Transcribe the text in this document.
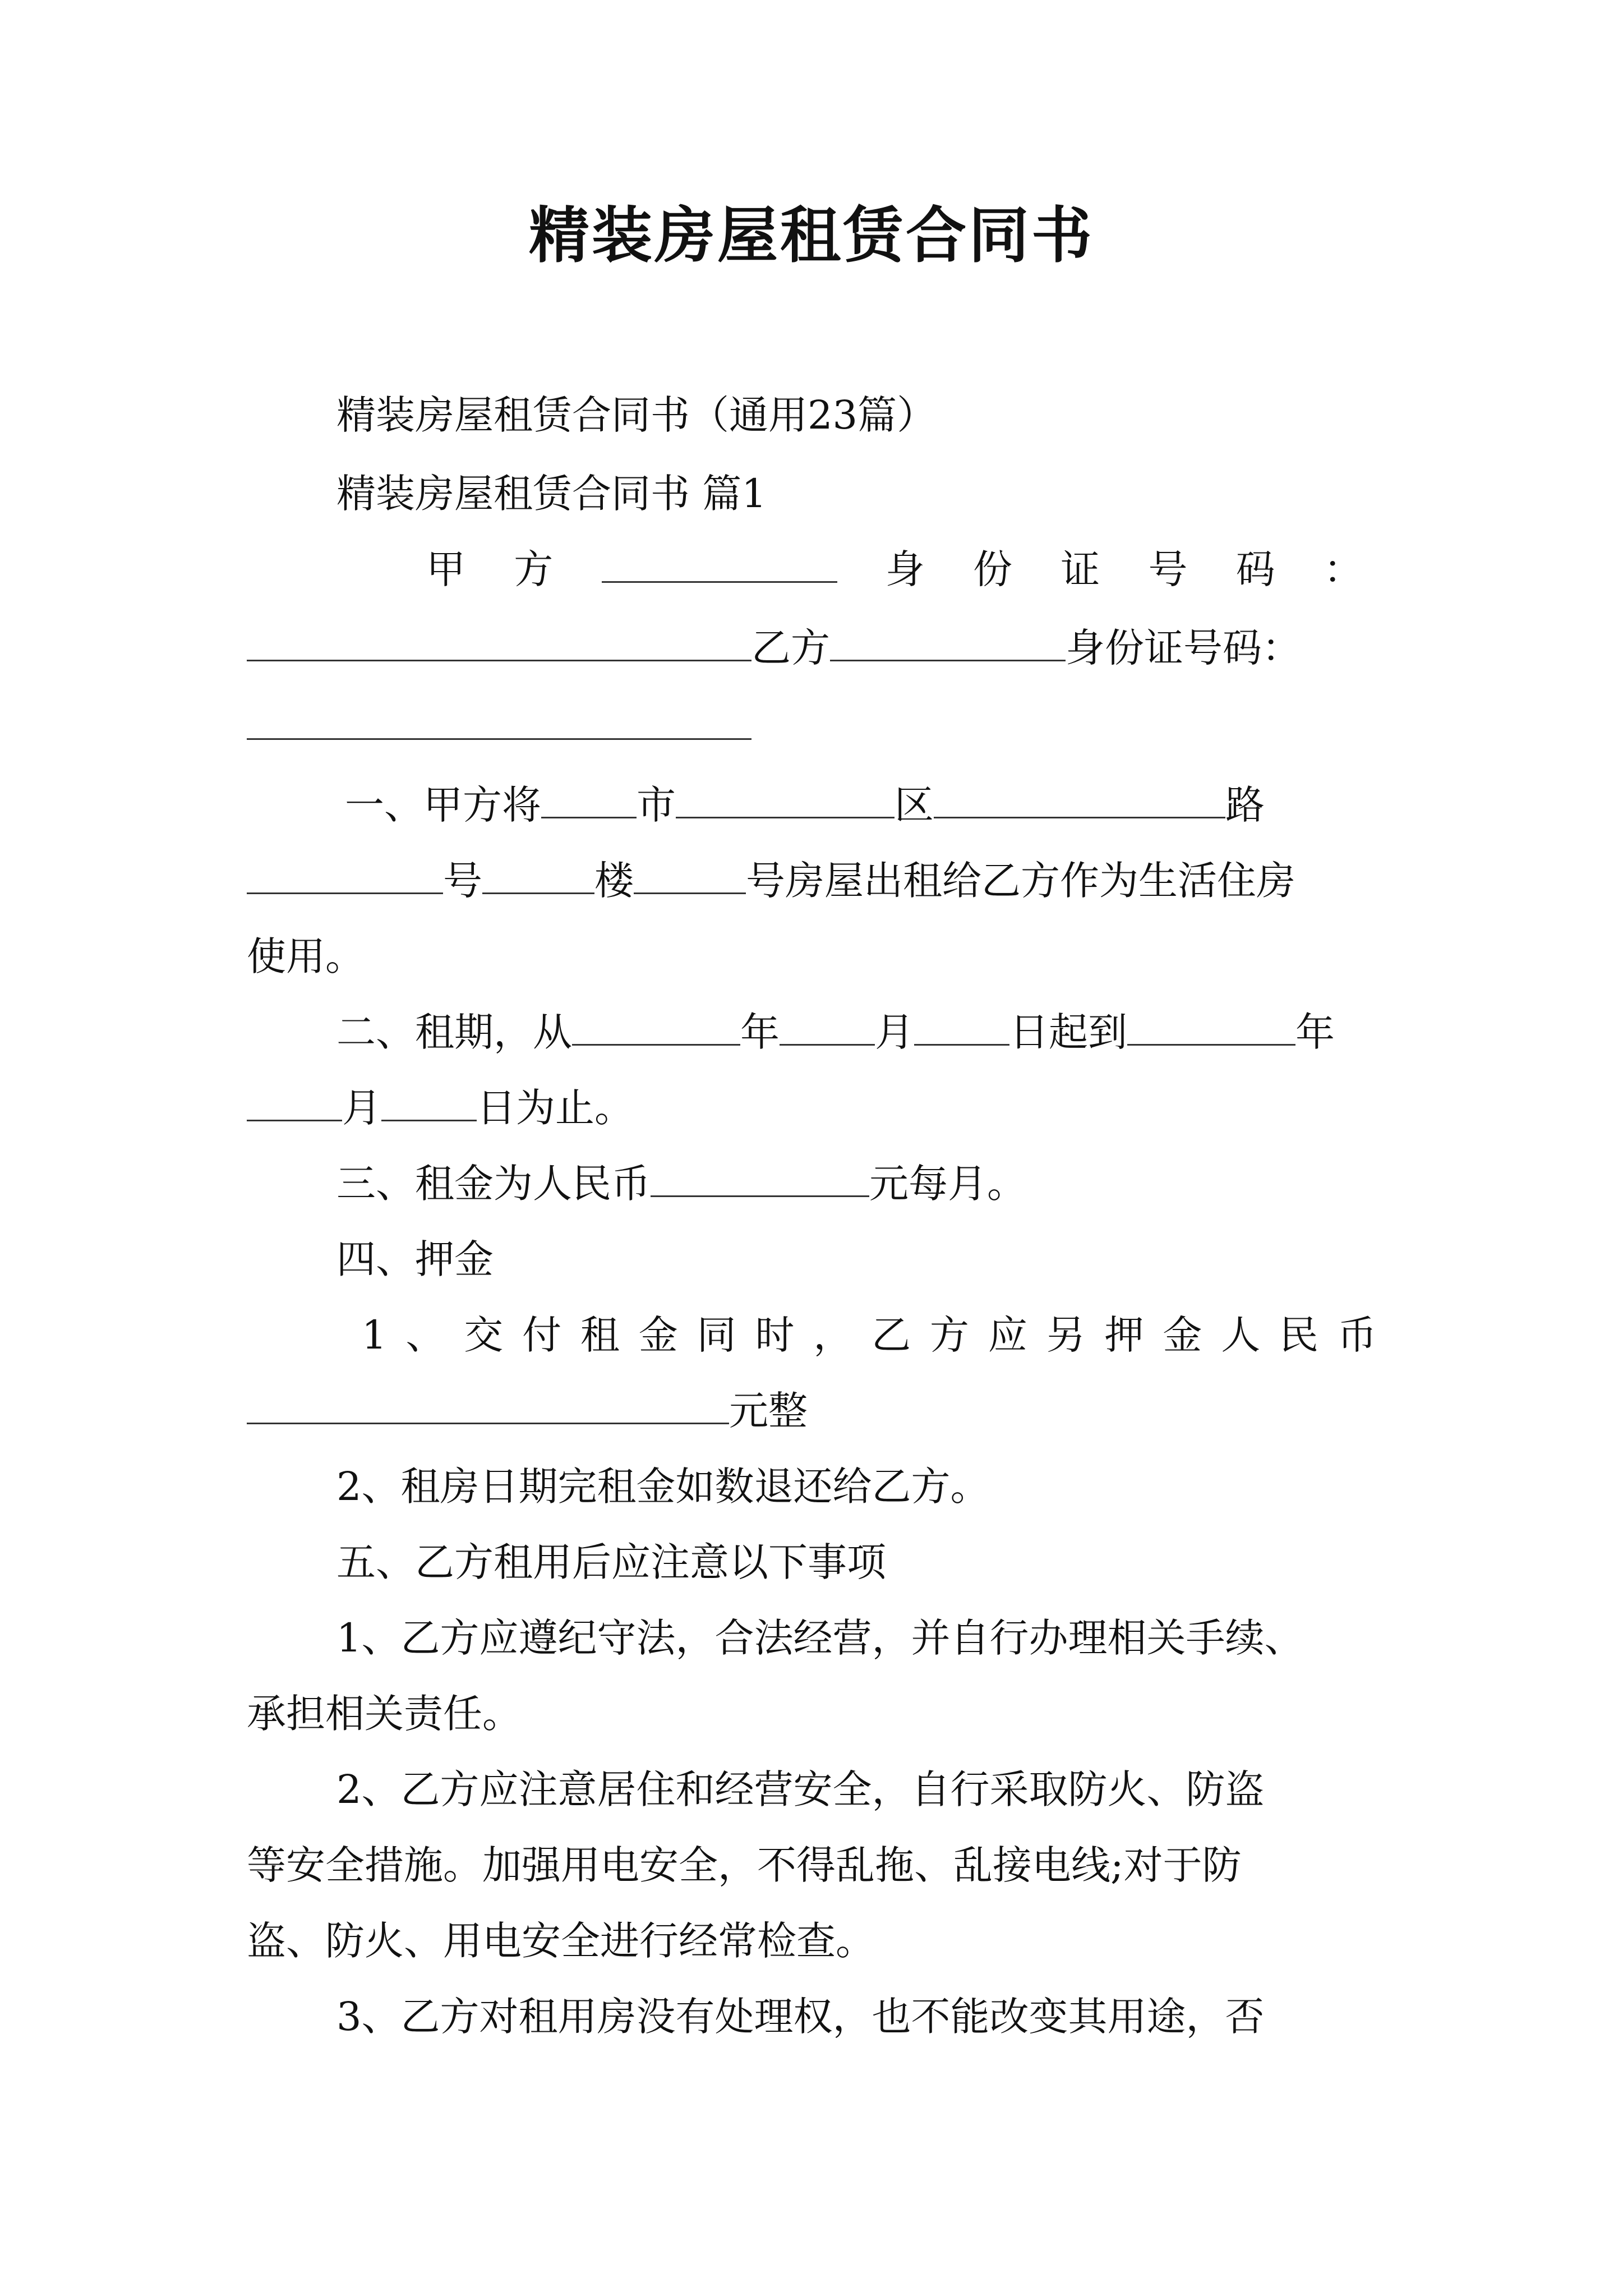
精装房屋租赁合同书
精装房屋租赁合同书（通用23篇）
精装房屋租赁合同书 篇1
甲 方	身 份 证 号 码 ：
乙方	身份证号码：
一、甲方将 市	区	路
号	楼	号房屋出租给乙方作为生活住房
使用。
二、租期，从	年 月 日起到	年
月 日为止。
三、租金为人民币	元每月。
四、押金
1 、 交 付 租 金 同 时 ， 乙 方 应 另 押 金 人 民 币
元整
2、租房日期完租金如数退还给乙方。
五、乙方租用后应注意以下事项
1、乙方应遵纪守法，合法经营，并自行办理相关手续、
承担相关责任。
2、乙方应注意居住和经营安全，自行采取防火、防盗
等安全措施。加强用电安全，不得乱拖、乱接电线;对于防
盗、防火、用电安全进行经常检查。
3、乙方对租用房没有处理权，也不能改变其用途，否
